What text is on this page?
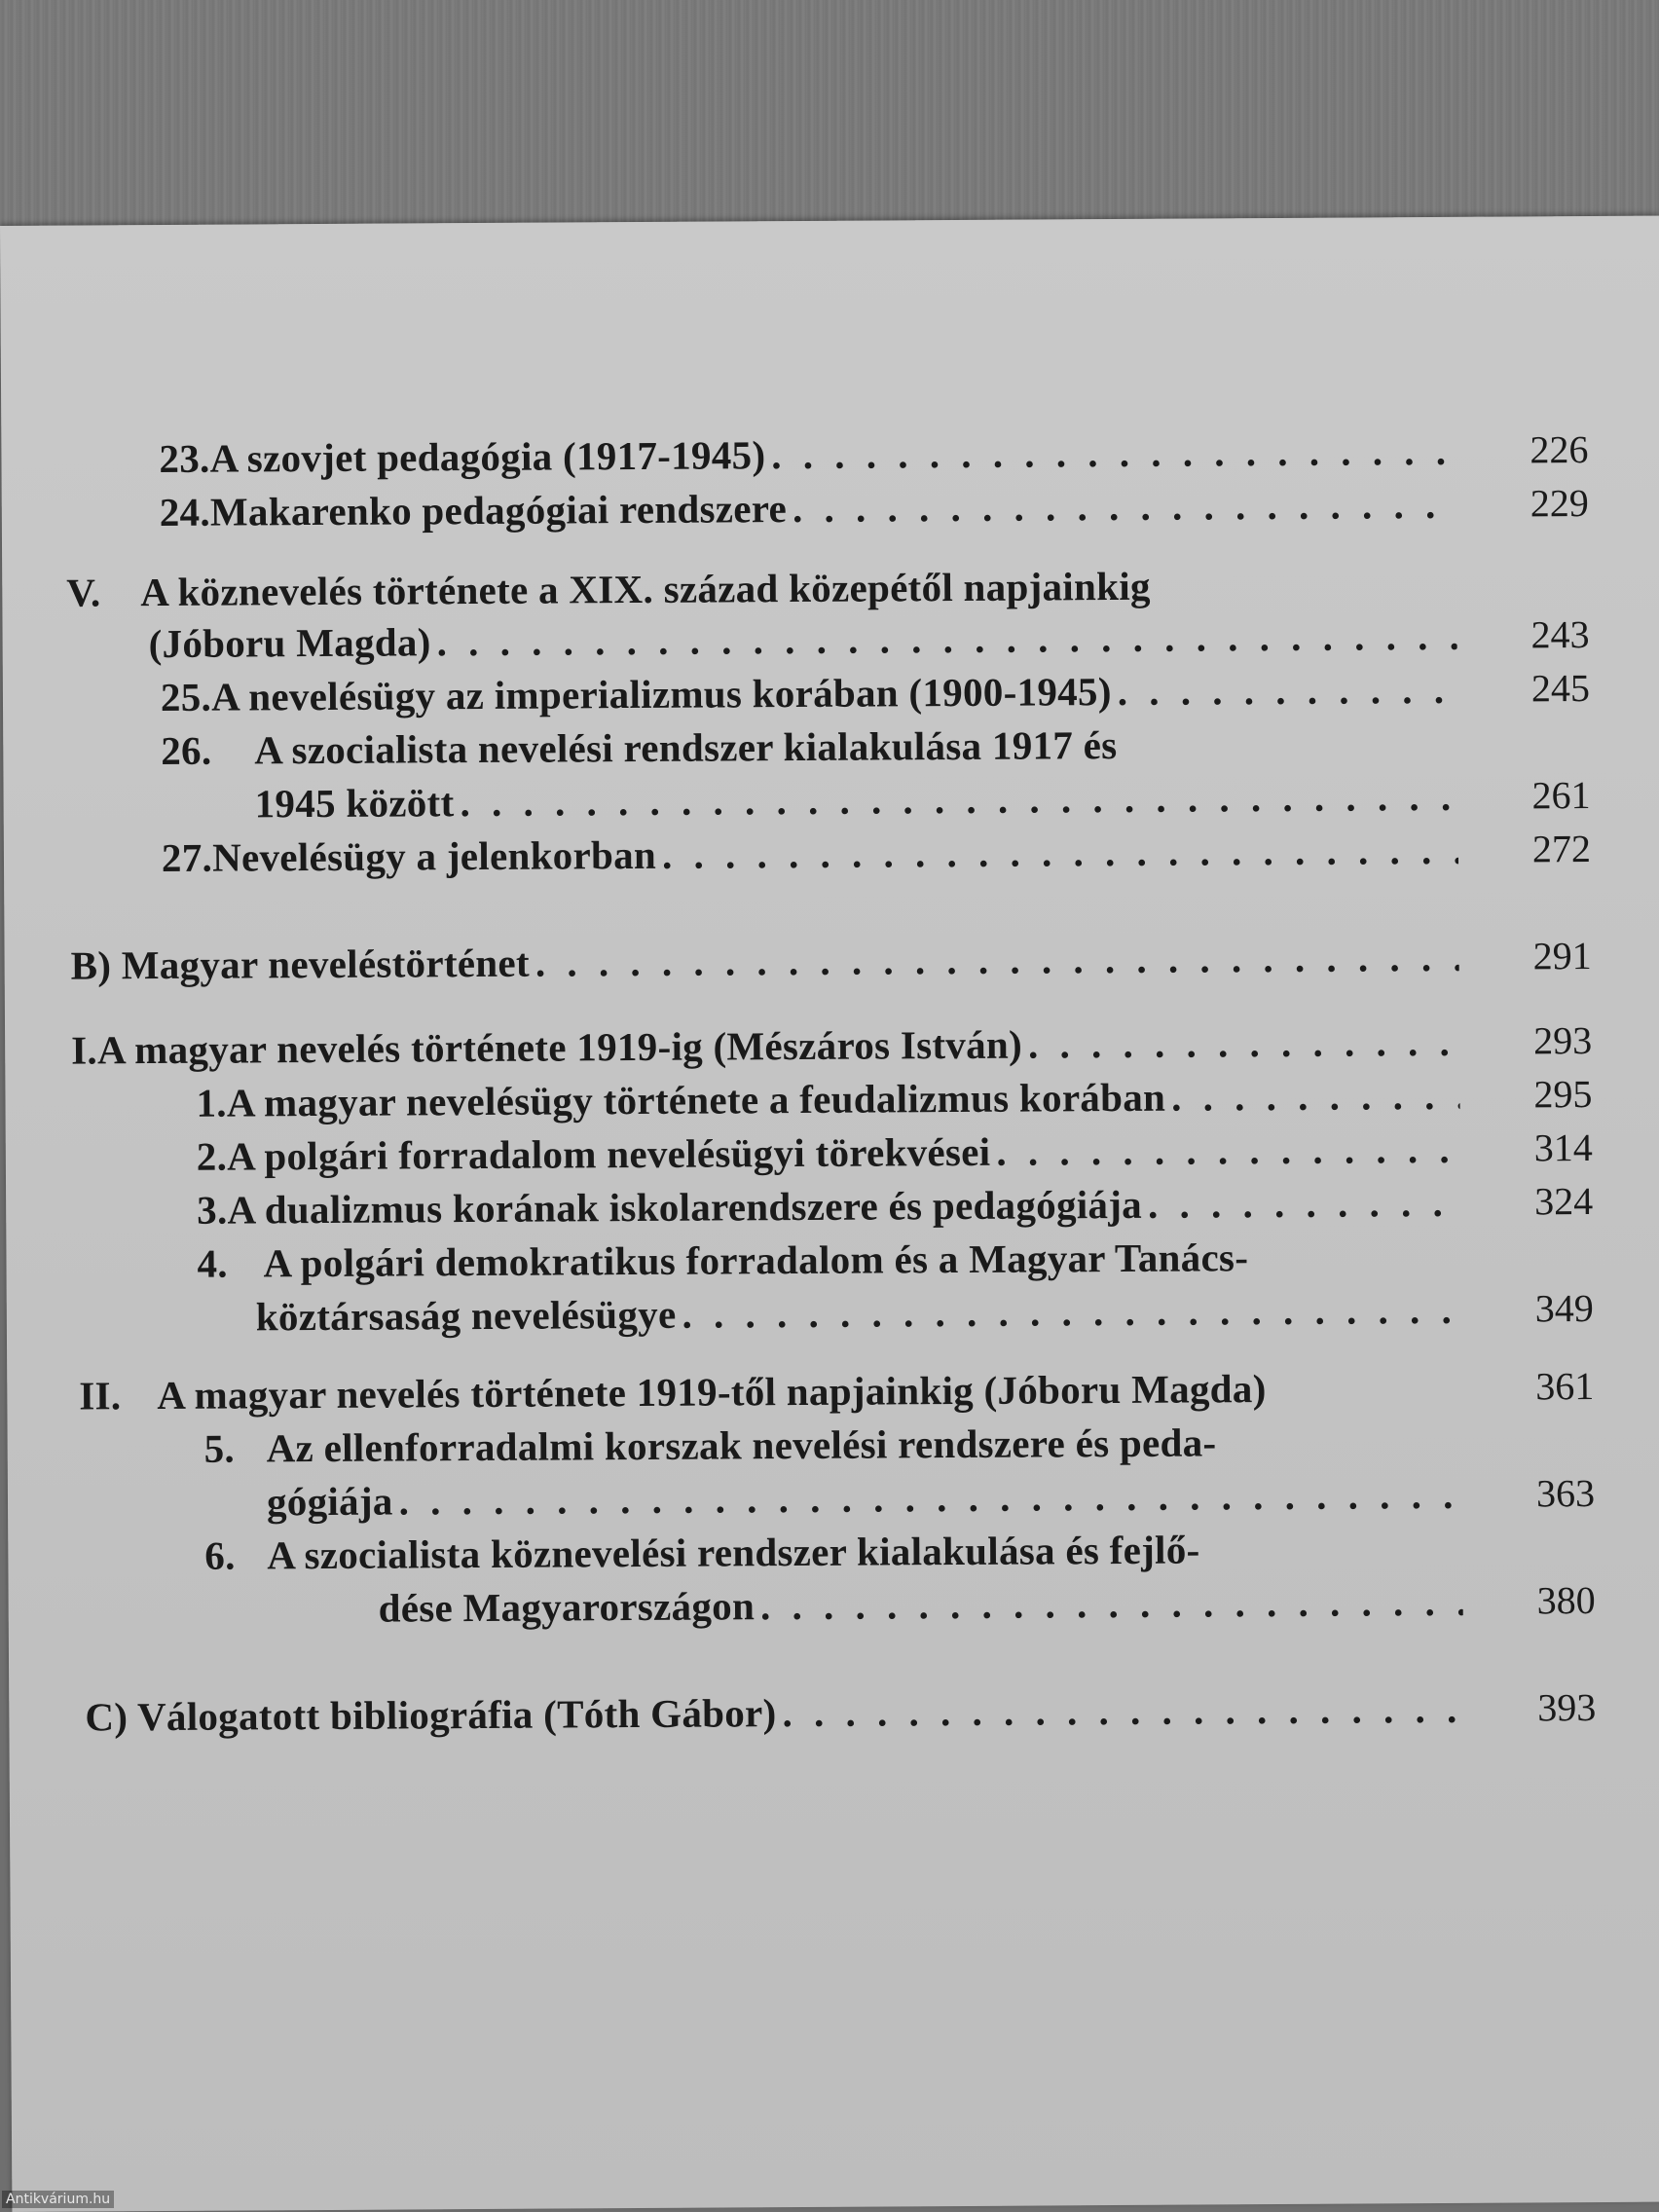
23. A szovjet pedagógia (1917-1945) . . .	226
24. Makarenko pedagógiai rendszere . . .	229
V. A köznevelés története a XIX. század közepétől napjainkig
(Jóboru Magda) . . .	243
25. A nevelésügy az imperializmus korában (1900-1945) . . .	245
26.	A szocialista nevelési rendszer kialakulása 1917 és
1945 között . . .	261
27. Nevelésügy a jelenkorban . . .	272
B) Magyar neveléstörténet . . .	291
I. A magyar nevelés története 1919-ig (Mészáros István) . . .	293
1. A magyar nevelésügy története a feudalizmus korában . . .	295
2. A polgári forradalom nevelésügyi törekvései . . .	314
3. A dualizmus korának iskolarendszere és pedagógiája . . .	324
4. A polgári demokratikus forradalom és a Magyar Tanács-
köztársaság nevelésügye . . .	349
II. A magyar nevelés története 1919-től napjainkig (Jóboru Magda)	361
5. Az ellenforradalmi korszak nevelési rendszere és peda-
gógiája . . .	363
6. A szocialista köznevelési rendszer kialakulása és fejlő-
dése Magyarországon . . .	380
C) Válogatott bibliográfia (Tóth Gábor) . . .	393
Antikvárium.hu
